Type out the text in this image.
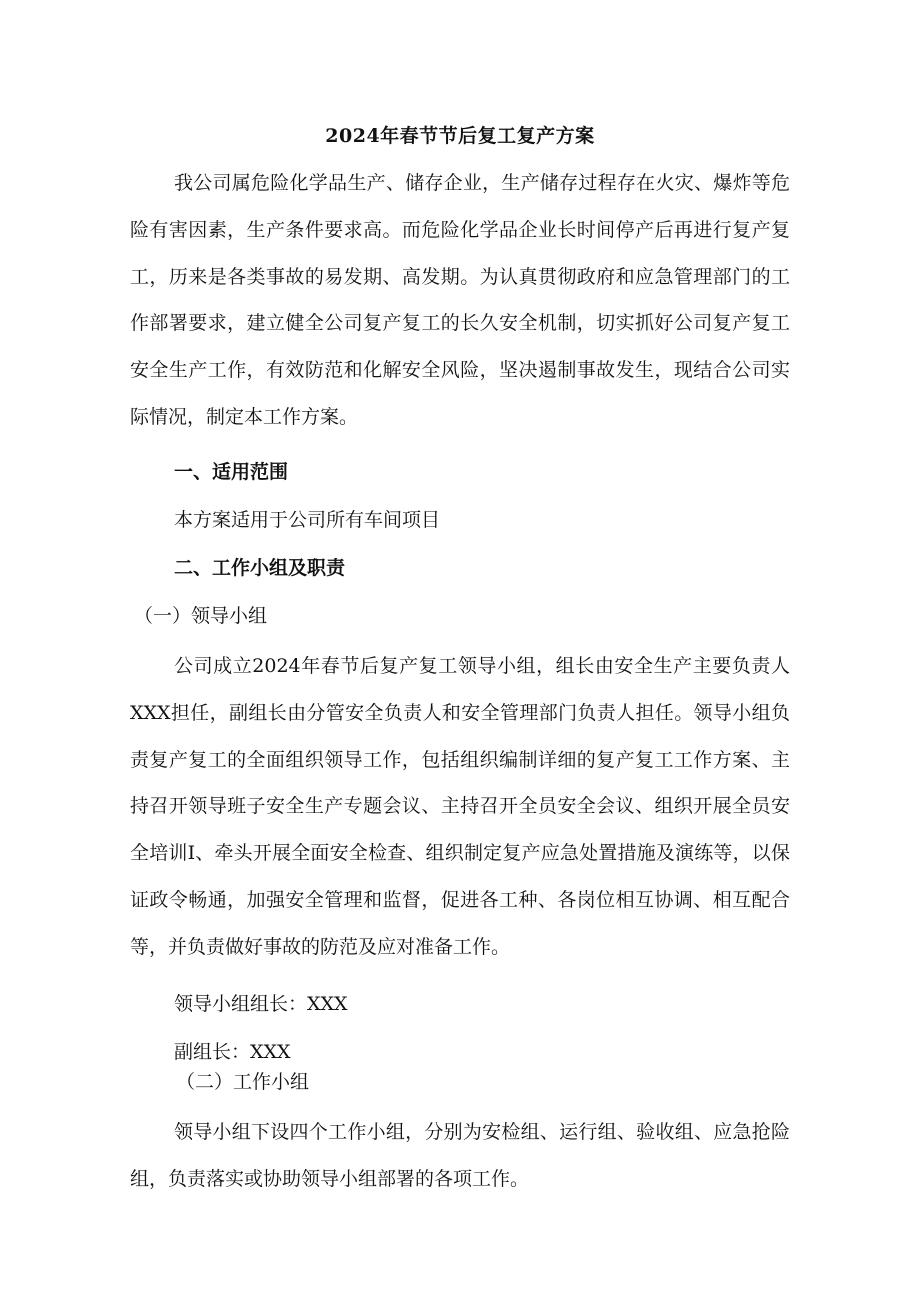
2024年春节节后复工复产方案

我公司属危险化学品生产、储存企业，生产储存过程存在火灾、爆炸等危险有害因素，生产条件要求高。而危险化学品企业长时间停产后再进行复产复工，历来是各类事故的易发期、高发期。为认真贯彻政府和应急管理部门的工作部署要求，建立健全公司复产复工的长久安全机制，切实抓好公司复产复工安全生产工作，有效防范和化解安全风险，坚决遏制事故发生，现结合公司实际情况，制定本工作方案。

一、适用范围
本方案适用于公司所有车间项目
二、工作小组及职责
（一）领导小组

公司成立2024年春节后复产复工领导小组，组长由安全生产主要负责人XXX担任，副组长由分管安全负责人和安全管理部门负责人担任。领导小组负责复产复工的全面组织领导工作，包括组织编制详细的复产复工工作方案、主持召开领导班子安全生产专题会议、主持召开全员安全会议、组织开展全员安全培训I、牵头开展全面安全检查、组织制定复产应急处置措施及演练等，以保证政令畅通，加强安全管理和监督，促进各工种、各岗位相互协调、相互配合等，并负责做好事故的防范及应对准备工作。

领导小组组长：XXX
副组长：XXX
（二）工作小组

领导小组下设四个工作小组，分别为安检组、运行组、验收组、应急抢险组，负责落实或协助领导小组部署的各项工作。
